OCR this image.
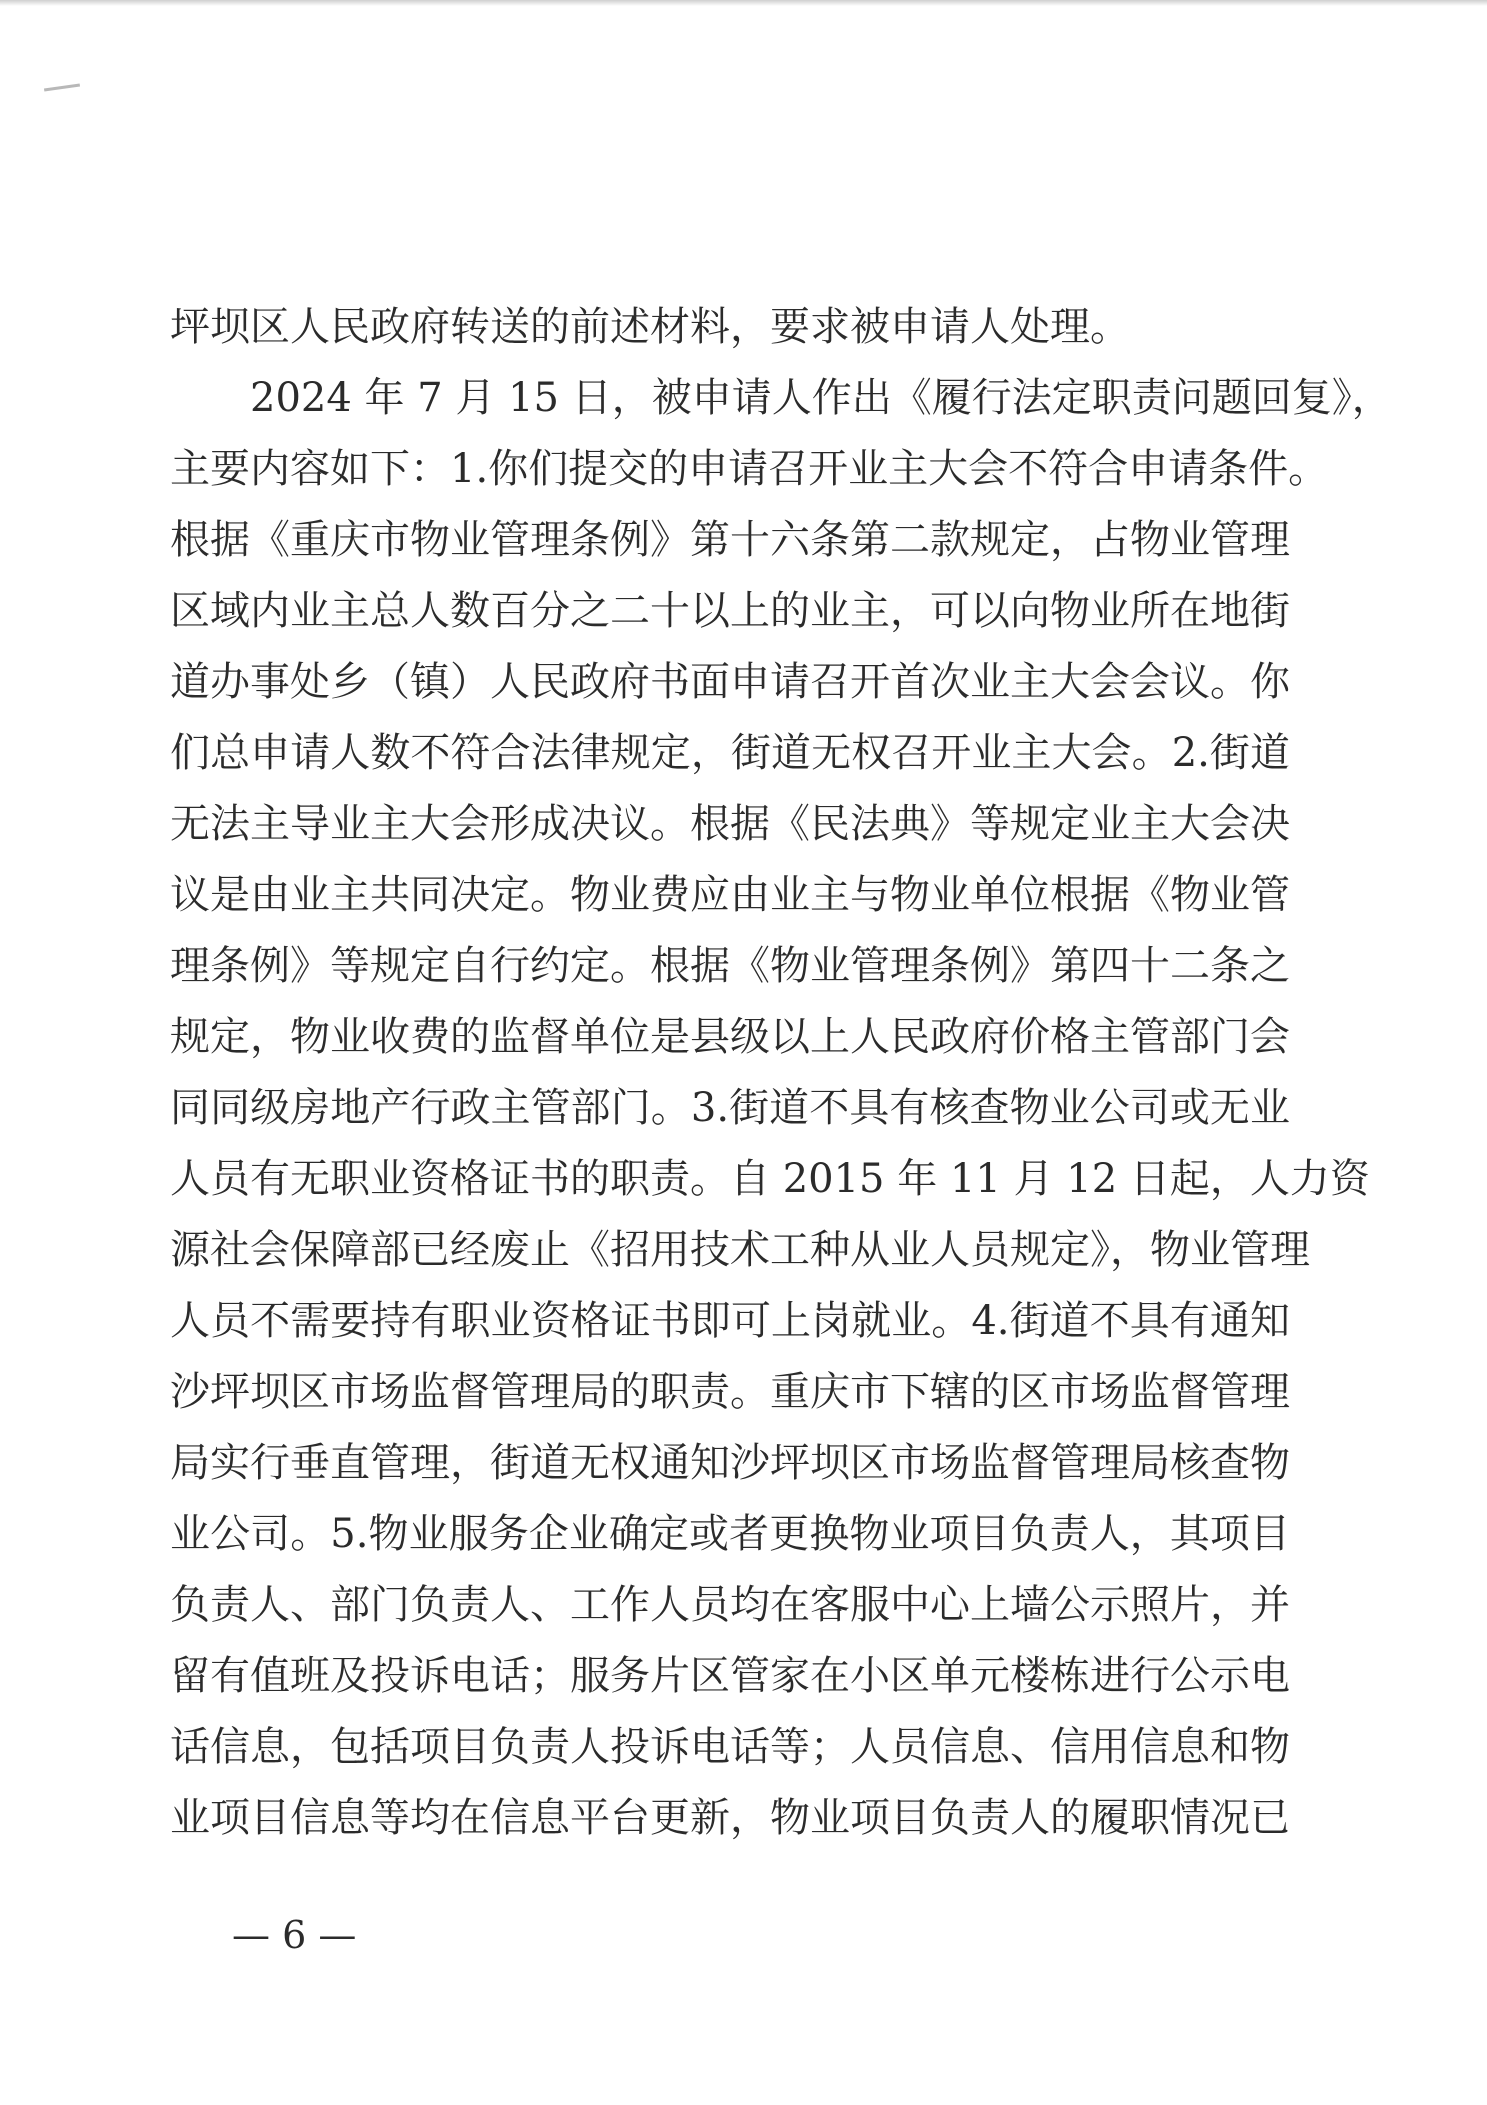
坪坝区人民政府转送的前述材料，要求被申请人处理。
2024 年 7 月 15 日，被申请人作出《履行法定职责问题回复》，
主要内容如下：1.你们提交的申请召开业主大会不符合申请条件。
根据《重庆市物业管理条例》第十六条第二款规定，占物业管理
区域内业主总人数百分之二十以上的业主，可以向物业所在地街
道办事处乡（镇）人民政府书面申请召开首次业主大会会议。你
们总申请人数不符合法律规定，街道无权召开业主大会。2.街道
无法主导业主大会形成决议。根据《民法典》等规定业主大会决
议是由业主共同决定。物业费应由业主与物业单位根据《物业管
理条例》等规定自行约定。根据《物业管理条例》第四十二条之
规定，物业收费的监督单位是县级以上人民政府价格主管部门会
同同级房地产行政主管部门。3.街道不具有核查物业公司或无业
人员有无职业资格证书的职责。自 2015 年 11 月 12 日起，人力资
源社会保障部已经废止《招用技术工种从业人员规定》，物业管理
人员不需要持有职业资格证书即可上岗就业。4.街道不具有通知
沙坪坝区市场监督管理局的职责。重庆市下辖的区市场监督管理
局实行垂直管理，街道无权通知沙坪坝区市场监督管理局核查物
业公司。5.物业服务企业确定或者更换物业项目负责人，其项目
负责人、部门负责人、工作人员均在客服中心上墙公示照片，并
留有值班及投诉电话；服务片区管家在小区单元楼栋进行公示电
话信息，包括项目负责人投诉电话等；人员信息、信用信息和物
业项目信息等均在信息平台更新，物业项目负责人的履职情况已
— 6 —
